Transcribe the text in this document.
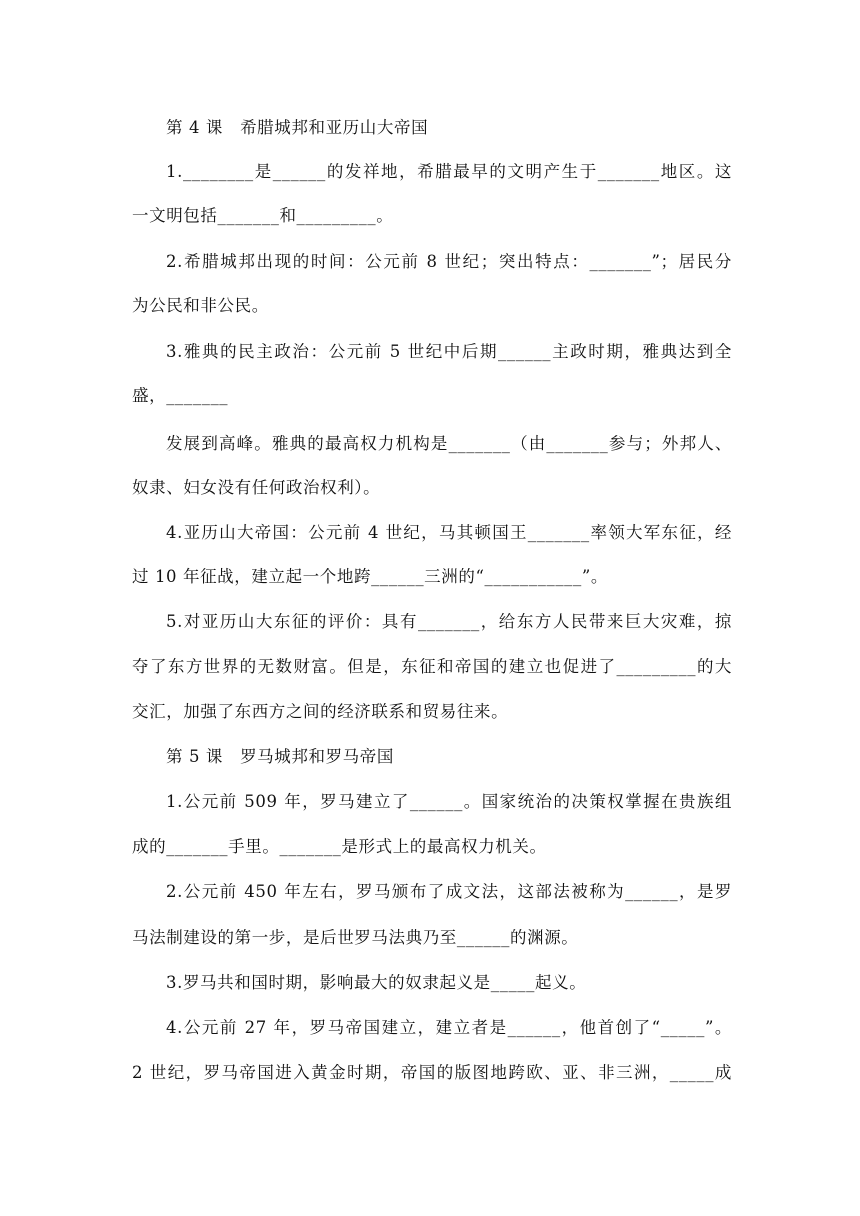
第 4 课　希腊城邦和亚历山大帝国
1.________是______的发祥地，希腊最早的文明产生于_______地区。这
一文明包括_______和_________。
2.希腊城邦出现的时间：公元前 8 世纪；突出特点：_______”；居民分
为公民和非公民。
3.雅典的民主政治：公元前 5 世纪中后期______主政时期，雅典达到全
盛，_______
发展到高峰。雅典的最高权力机构是_______（由_______参与；外邦人、
奴隶、妇女没有任何政治权利）。
4.亚历山大帝国：公元前 4 世纪，马其顿国王_______率领大军东征，经
过 10 年征战，建立起一个地跨______三洲的“___________”。
5.对亚历山大东征的评价：具有_______，给东方人民带来巨大灾难，掠
夺了东方世界的无数财富。但是，东征和帝国的建立也促进了_________的大
交汇，加强了东西方之间的经济联系和贸易往来。
第 5 课　罗马城邦和罗马帝国
1.公元前 509 年，罗马建立了______。国家统治的决策权掌握在贵族组
成的_______手里。_______是形式上的最高权力机关。
2.公元前 450 年左右，罗马颁布了成文法，这部法被称为______，是罗
马法制建设的第一步，是后世罗马法典乃至______的渊源。
3.罗马共和国时期，影响最大的奴隶起义是_____起义。
4.公元前 27 年，罗马帝国建立，建立者是______，他首创了“_____”。
2 世纪，罗马帝国进入黄金时期，帝国的版图地跨欧、亚、非三洲，_____成
